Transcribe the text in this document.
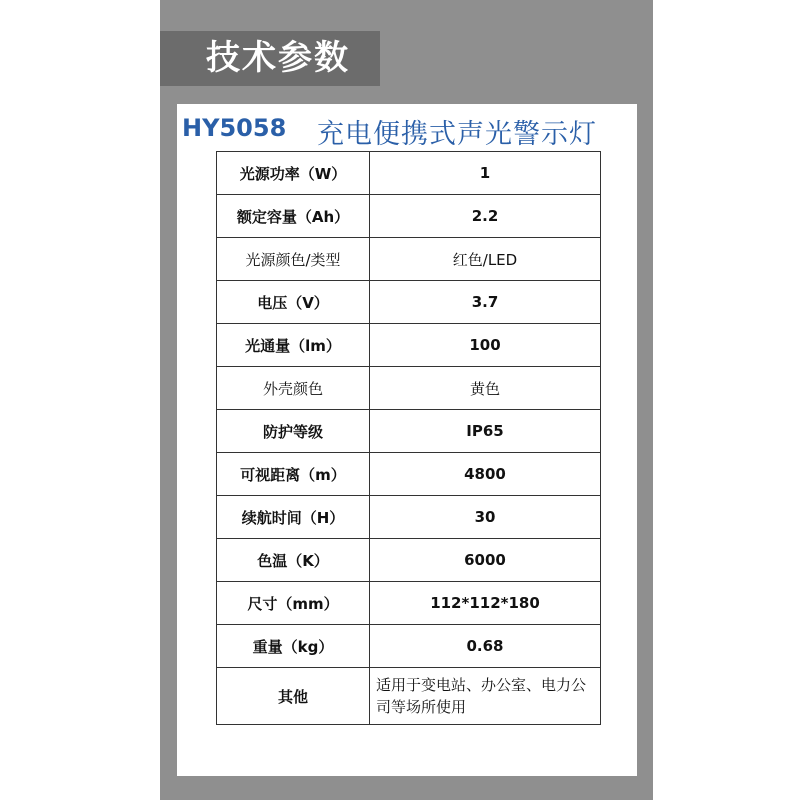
技术参数
HY5058 充电便携式声光警示灯
光源功率（W）	1
额定容量（Ah）	2.2
光源颜色/类型	红色/LED
电压（V）	3.7
光通量（lm）	100
外壳颜色	黄色
防护等级	IP65
可视距离（m）	4800
续航时间（H）	30
色温（K）	6000
尺寸（mm）	112*112*180
重量（kg）	0.68
其他	适用于变电站、办公室、电力公司等场所使用
